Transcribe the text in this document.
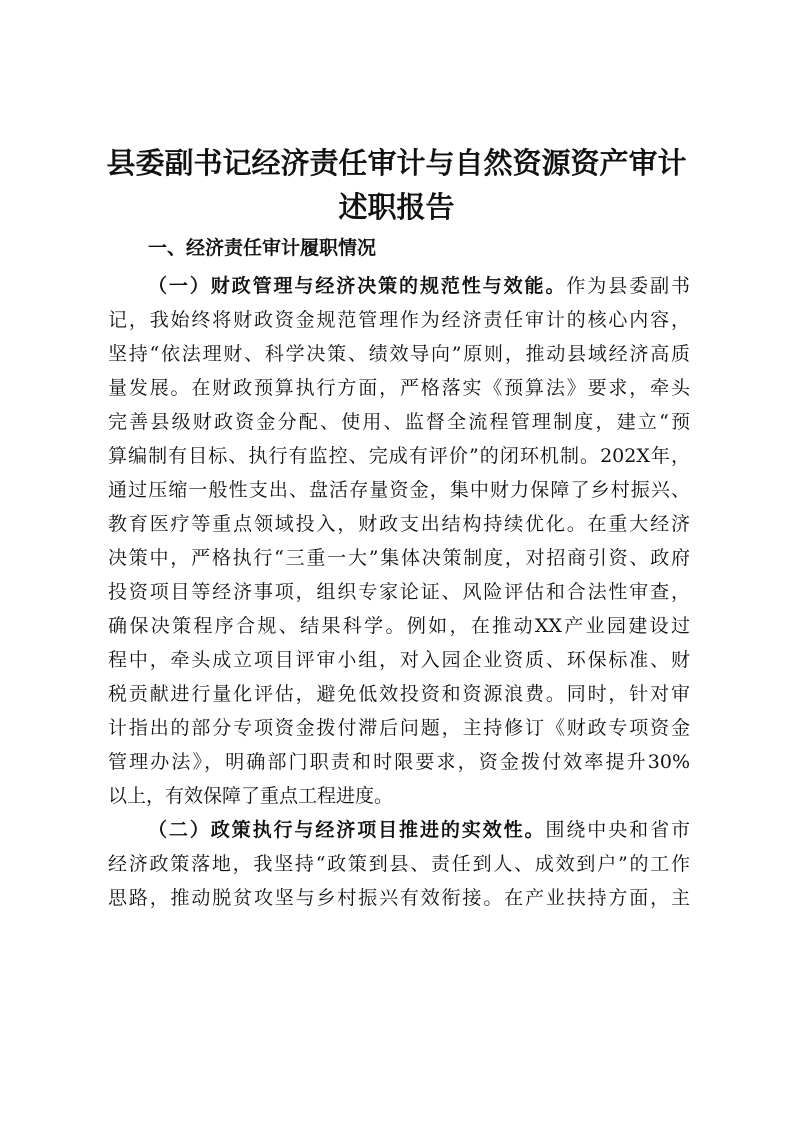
县委副书记经济责任审计与自然资源资产审计
述职报告
一、经济责任审计履职情况
（一）财政管理与经济决策的规范性与效能。作为县委副书
记，我始终将财政资金规范管理作为经济责任审计的核心内容，
坚持“依法理财、科学决策、绩效导向”原则，推动县域经济高质
量发展。在财政预算执行方面，严格落实《预算法》要求，牵头
完善县级财政资金分配、使用、监督全流程管理制度，建立“预
算编制有目标、执行有监控、完成有评价”的闭环机制。202X年，
通过压缩一般性支出、盘活存量资金，集中财力保障了乡村振兴、
教育医疗等重点领域投入，财政支出结构持续优化。在重大经济
决策中，严格执行“三重一大”集体决策制度，对招商引资、政府
投资项目等经济事项，组织专家论证、风险评估和合法性审查，
确保决策程序合规、结果科学。例如，在推动XX产业园建设过
程中，牵头成立项目评审小组，对入园企业资质、环保标准、财
税贡献进行量化评估，避免低效投资和资源浪费。同时，针对审
计指出的部分专项资金拨付滞后问题，主持修订《财政专项资金
管理办法》，明确部门职责和时限要求，资金拨付效率提升30%
以上，有效保障了重点工程进度。
（二）政策执行与经济项目推进的实效性。围绕中央和省市
经济政策落地，我坚持“政策到县、责任到人、成效到户”的工作
思路，推动脱贫攻坚与乡村振兴有效衔接。在产业扶持方面，主
